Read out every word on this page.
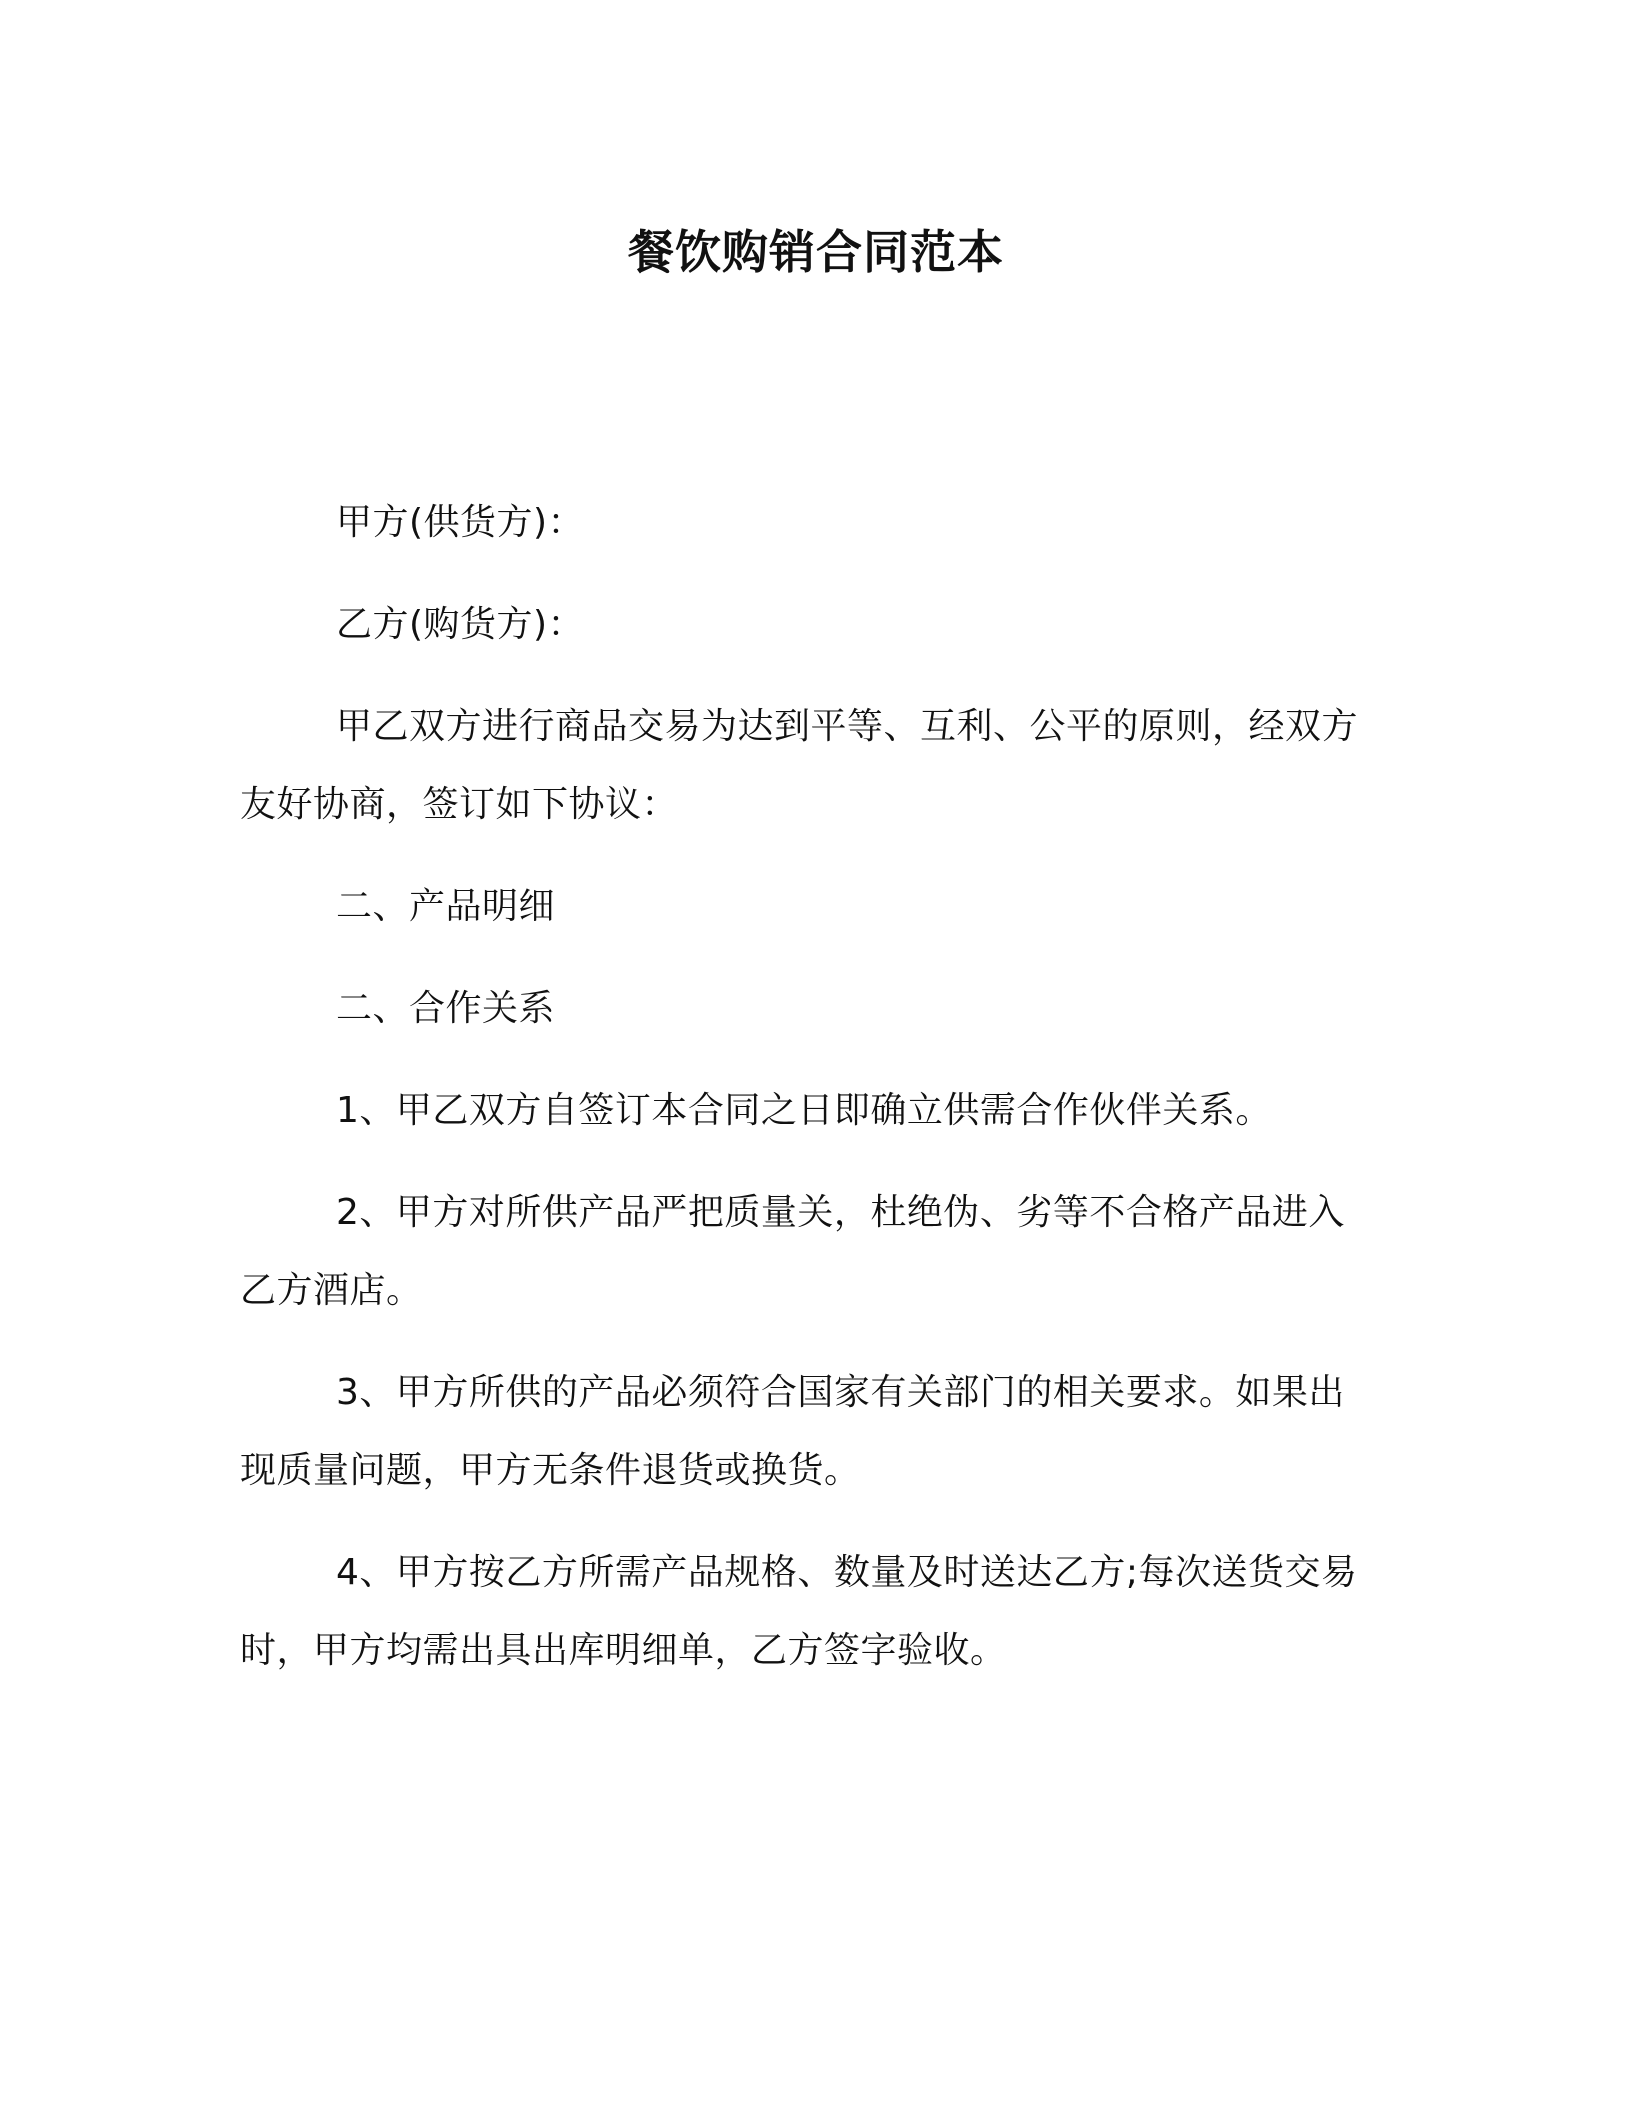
餐饮购销合同范本

甲方(供货方)：

乙方(购货方)：

甲乙双方进行商品交易为达到平等、互利、公平的原则，经双方友好协商，签订如下协议：

二、产品明细

二、合作关系

1、甲乙双方自签订本合同之日即确立供需合作伙伴关系。

2、甲方对所供产品严把质量关，杜绝伪、劣等不合格产品进入乙方酒店。

3、甲方所供的产品必须符合国家有关部门的相关要求。如果出现质量问题，甲方无条件退货或换货。

4、甲方按乙方所需产品规格、数量及时送达乙方;每次送货交易时，甲方均需出具出库明细单，乙方签字验收。
